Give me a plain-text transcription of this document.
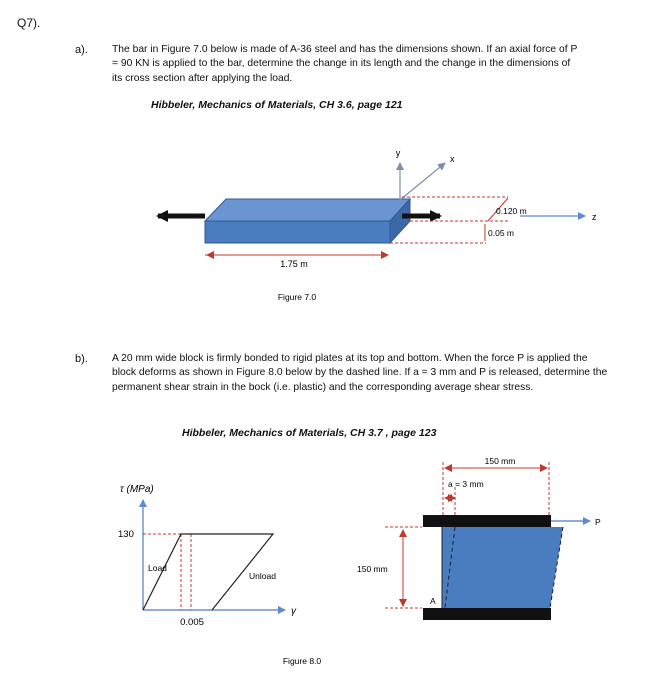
Q7).
a). The bar in Figure 7.0 below is made of A-36 steel and has the dimensions shown. If an axial force of P = 90 KN is applied to the bar, determine the change in its length and the change in the dimensions of its cross section after applying the load.
Hibbeler, Mechanics of Materials, CH 3.6, page 121
y
x
z
0.120 m
0.05 m
1.75 m
Figure 7.0
τ (MPa)
130
0.005
γ
Load
Unload
150 mm
a = 3 mm
150 mm
P
A
Figure 8.0
b). A 20 mm wide block is firmly bonded to rigid plates at its top and bottom. When the force P is applied the block deforms as shown in Figure 8.0 below by the dashed line. If a = 3 mm and P is released, determine the permanent shear strain in the bock (i.e. plastic) and the corresponding average shear stress.
Hibbeler, Mechanics of Materials, CH 3.7 , page 123
